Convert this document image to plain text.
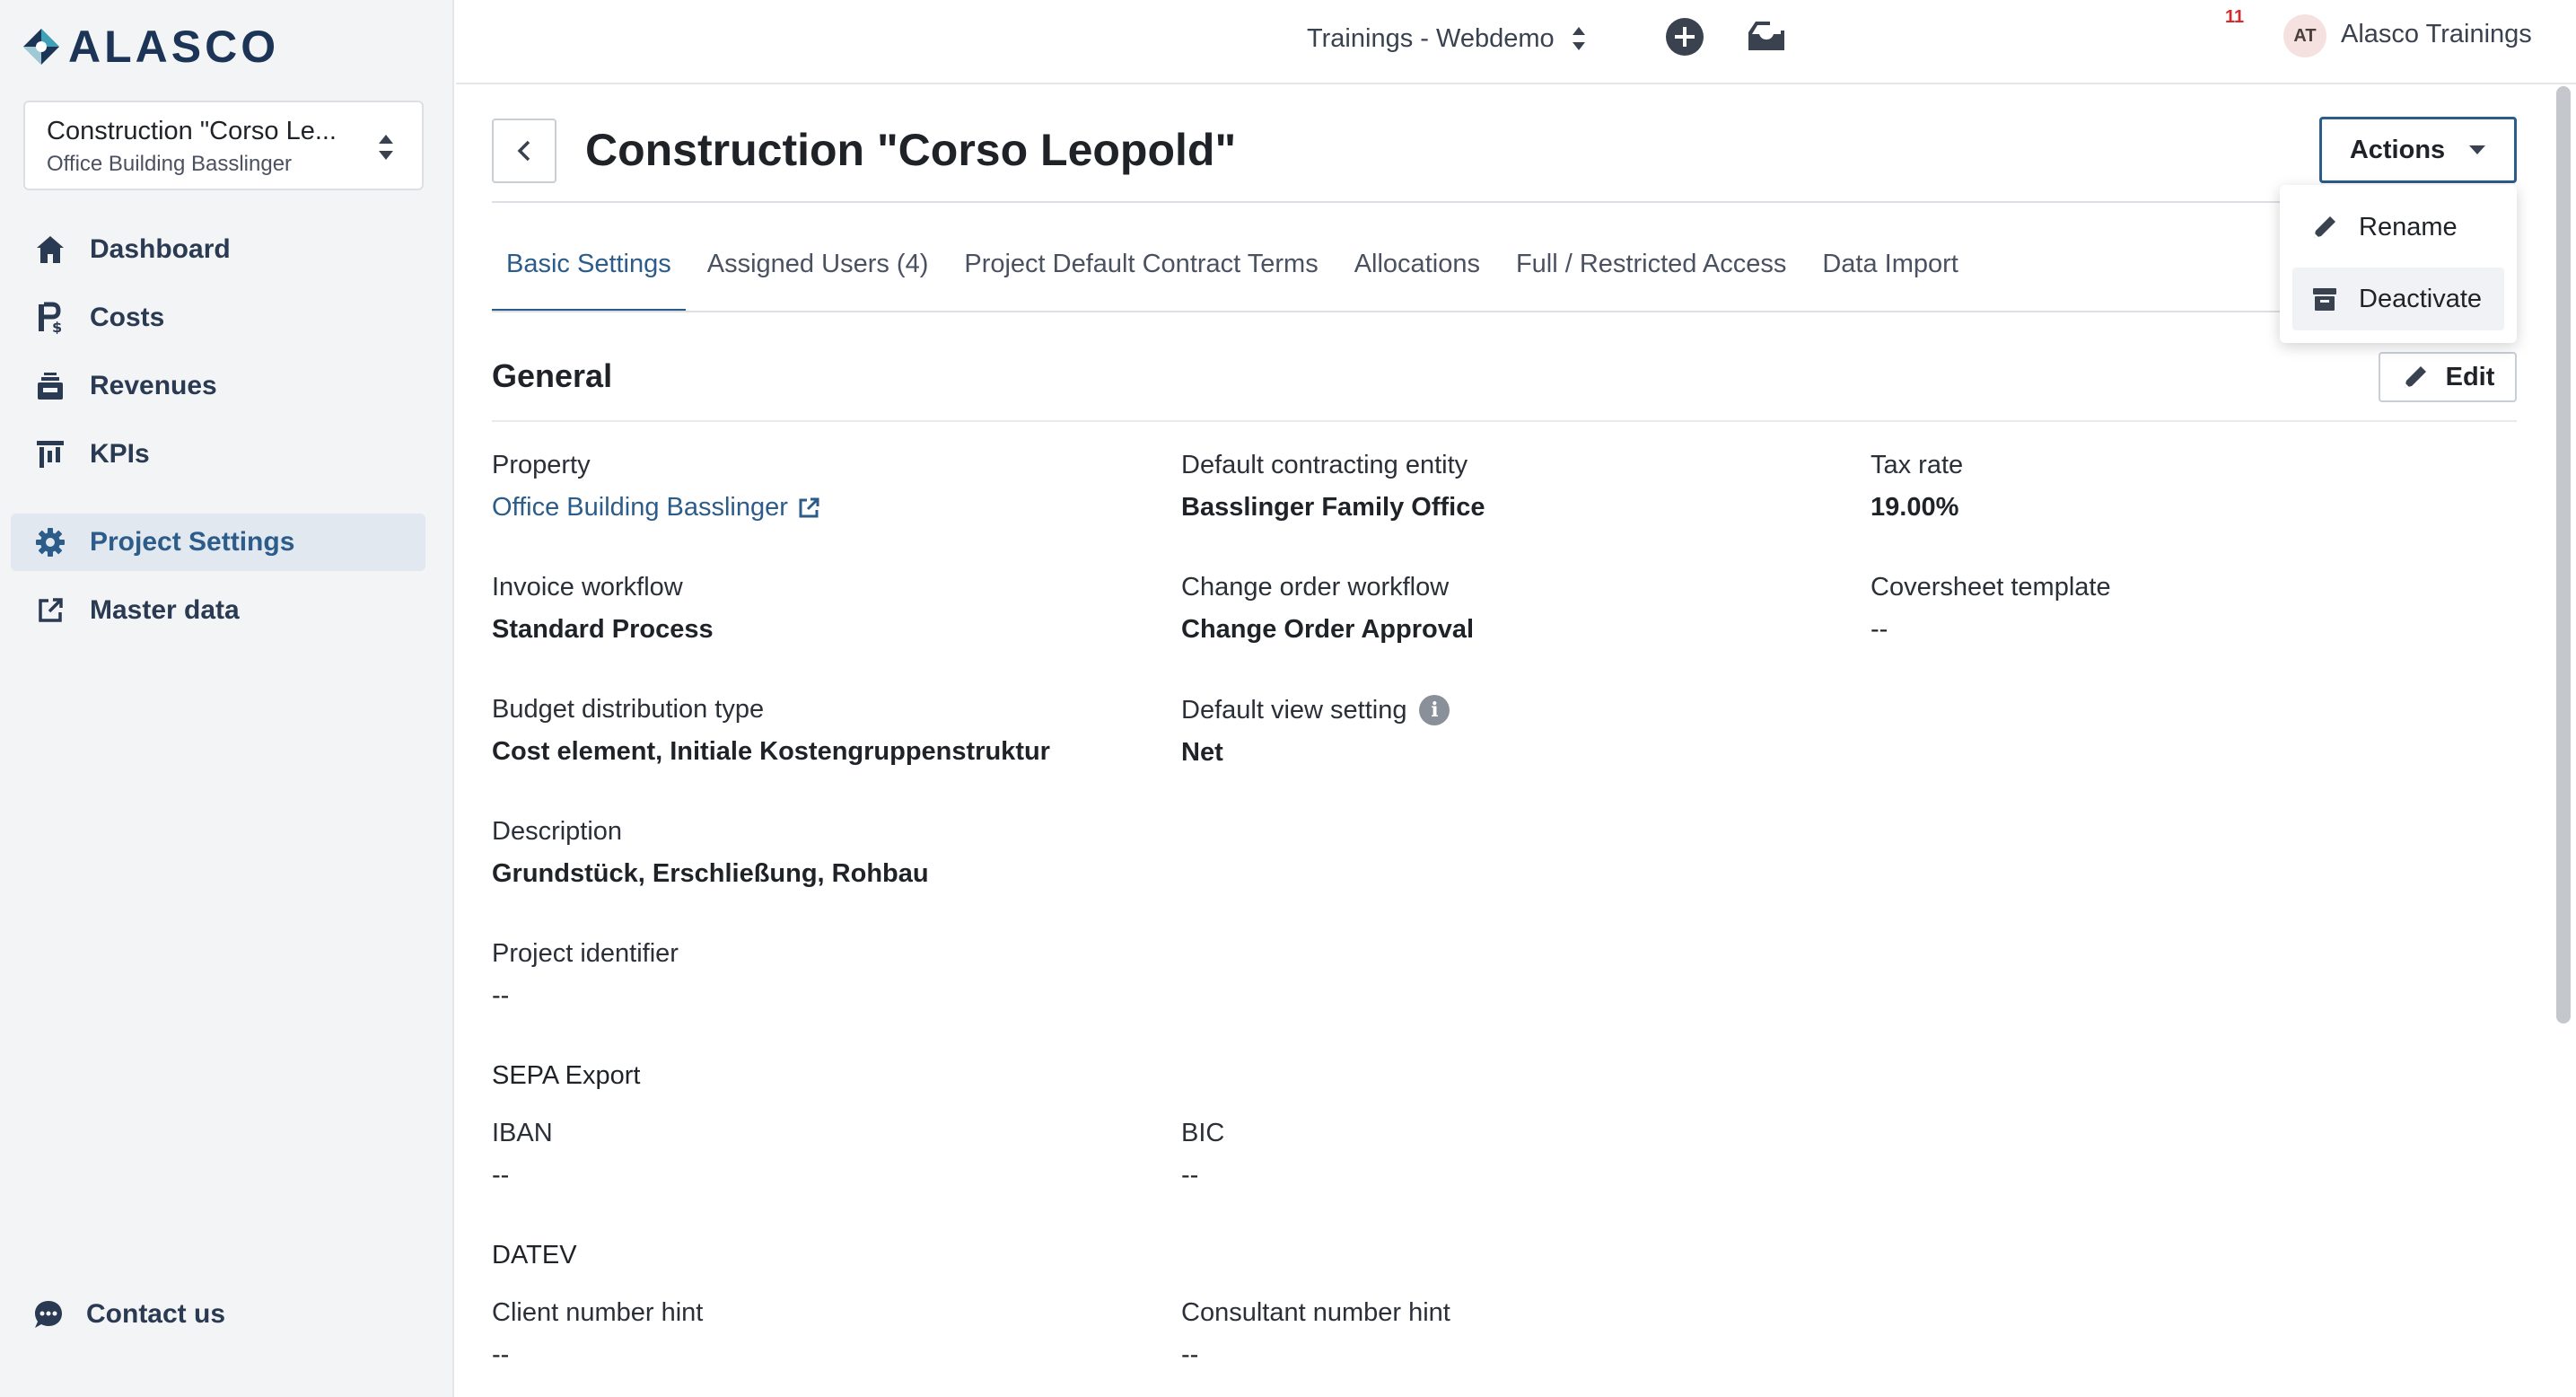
ALASCO
Construction "Corso Le...
Office Building Basslinger
Dashboard
$ Costs
Revenues
KPIs
Project Settings
Master data
Contact us
Trainings - Webdemo
11
AT Alasco Trainings
Construction "Corso Leopold"	Actions
Basic Settings	Assigned Users (4)	Project Default Contract Terms	Allocations	Full / Restricted Access	Data Import
General	Edit
Property
Office Building Basslinger
Default contracting entity
Basslinger Family Office
Tax rate
19.00%
Invoice workflow
Standard Process
Change order workflow
Change Order Approval
Coversheet template
--
Budget distribution type
Cost element, Initiale Kostengruppenstruktur
Default view setting	i
Net
Description
Grundstück, Erschließung, Rohbau
Project identifier
--
SEPA Export
IBAN
--
BIC
--
DATEV
Client number hint
--
Consultant number hint
--
Rename
Deactivate
